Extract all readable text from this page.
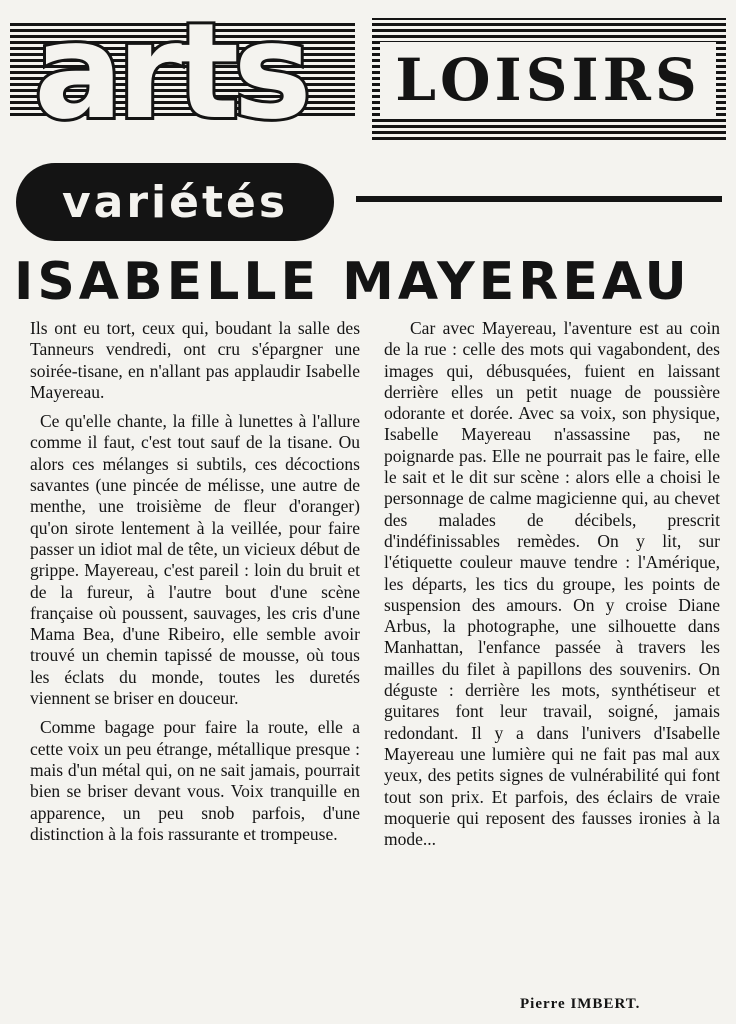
arts LOISIRS
variétés
ISABELLE MAYEREAU

Ils ont eu tort, ceux qui, boudant la salle des Tanneurs vendredi, ont cru s'épargner une soirée-tisane, en n'allant pas applaudir Isabelle Mayereau.

Ce qu'elle chante, la fille à lunettes à l'allure comme il faut, c'est tout sauf de la tisane. Ou alors ces mélanges si subtils, ces décoctions savantes (une pincée de mélisse, une autre de menthe, une troisième de fleur d'oranger) qu'on sirote lentement à la veillée, pour faire passer un idiot mal de tête, un vicieux début de grippe. Mayereau, c'est pareil : loin du bruit et de la fureur, à l'autre bout d'une scène française où poussent, sauvages, les cris d'une Mama Bea, d'une Ribeiro, elle semble avoir trouvé un chemin tapissé de mousse, où tous les éclats du monde, toutes les duretés viennent se briser en douceur.

Comme bagage pour faire la route, elle a cette voix un peu étrange, métallique presque : mais d'un métal qui, on ne sait jamais, pourrait bien se briser devant vous. Voix tranquille en apparence, un peu snob parfois, d'une distinction à la fois rassurante et trompeuse.

Car avec Mayereau, l'aventure est au coin de la rue : celle des mots qui vagabondent, des images qui, débusquées, fuient en laissant derrière elles un petit nuage de poussière odorante et dorée. Avec sa voix, son physique, Isabelle Mayereau n'assassine pas, ne poignarde pas. Elle ne pourrait pas le faire, elle le sait et le dit sur scène : alors elle a choisi le personnage de calme magicienne qui, au chevet des malades de décibels, prescrit d'indéfinissables remèdes. On y lit, sur l'étiquette couleur mauve tendre : l'Amérique, les départs, les tics du groupe, les points de suspension des amours. On y croise Diane Arbus, la photographe, une silhouette dans Manhattan, l'enfance passée à travers les mailles du filet à papillons des souvenirs. On déguste : derrière les mots, synthétiseur et guitares font leur travail, soigné, jamais redondant. Il y a dans l'univers d'Isabelle Mayereau une lumière qui ne fait pas mal aux yeux, des petits signes de vulnérabilité qui font tout son prix. Et parfois, des éclairs de vraie moquerie qui reposent des fausses ironies à la mode...

Pierre IMBERT.
